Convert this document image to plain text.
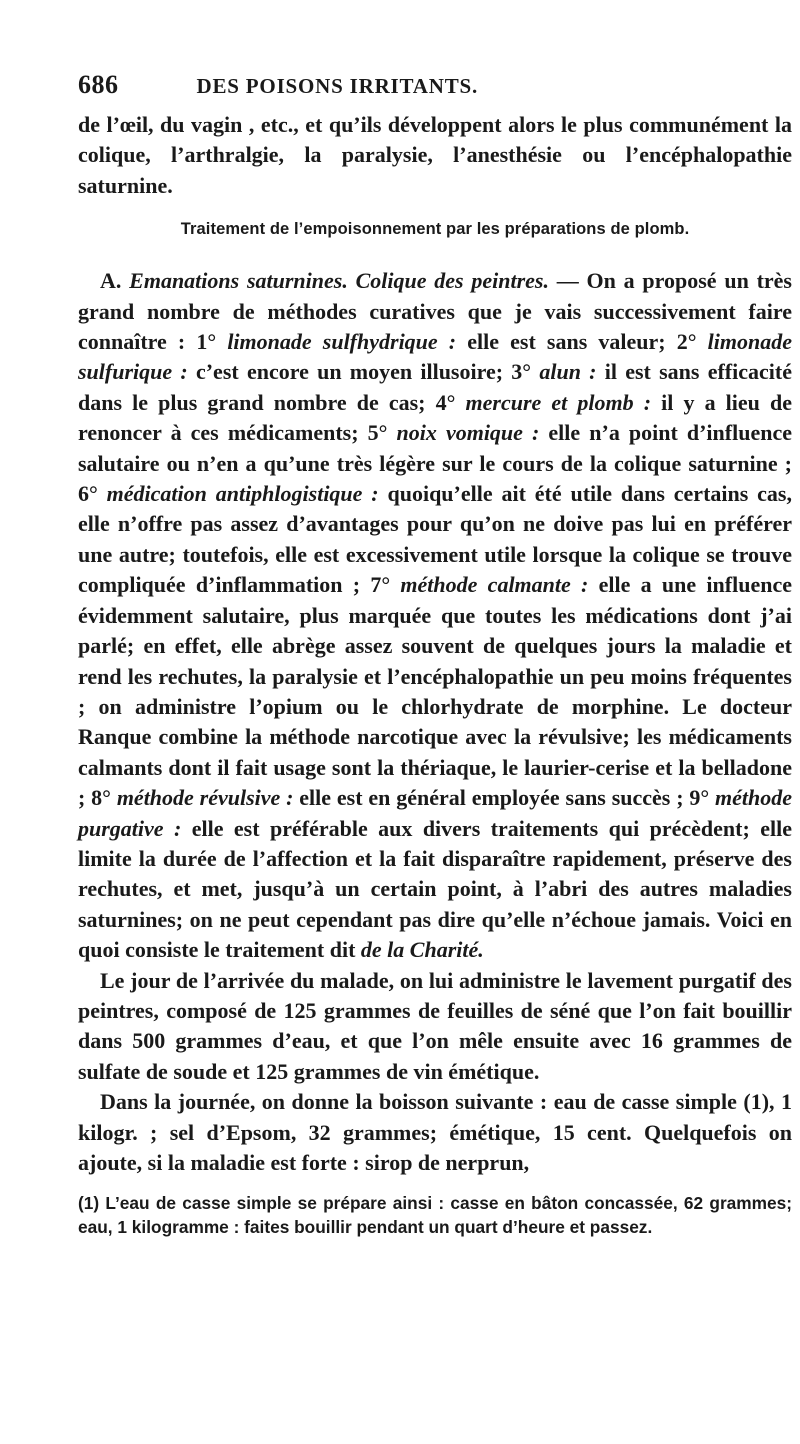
686	DES POISONS IRRITANTS.

de l’œil, du vagin , etc., et qu’ils développent alors le plus communément la colique, l’arthralgie, la paralysie, l’anesthésie ou l’encéphalopathie saturnine.

Traitement de l’empoisonnement par les préparations de plomb.

A. Emanations saturnines. Colique des peintres. — On a proposé un très grand nombre de méthodes curatives que je vais successivement faire connaître : 1° limonade sulfhydrique : elle est sans valeur; 2° limonade sulfurique : c’est encore un moyen illusoire; 3° alun : il est sans efficacité dans le plus grand nombre de cas; 4° mercure et plomb : il y a lieu de renoncer à ces médicaments; 5° noix vomique : elle n’a point d’influence salutaire ou n’en a qu’une très légère sur le cours de la colique saturnine ; 6° médication antiphlogistique : quoiqu’elle ait été utile dans certains cas, elle n’offre pas assez d’avantages pour qu’on ne doive pas lui en préférer une autre; toutefois, elle est excessivement utile lorsque la colique se trouve compliquée d’inflammation ; 7° méthode calmante : elle a une influence évidemment salutaire, plus marquée que toutes les médications dont j’ai parlé; en effet, elle abrège assez souvent de quelques jours la maladie et rend les rechutes, la paralysie et l’encéphalopathie un peu moins fréquentes ; on administre l’opium ou le chlorhydrate de morphine. Le docteur Ranque combine la méthode narcotique avec la révulsive; les médicaments calmants dont il fait usage sont la thériaque, le laurier-cerise et la belladone ; 8° méthode révulsive : elle est en général employée sans succès ; 9° méthode purgative : elle est préférable aux divers traitements qui précèdent; elle limite la durée de l’affection et la fait disparaître rapidement, préserve des rechutes, et met, jusqu’à un certain point, à l’abri des autres maladies saturnines; on ne peut cependant pas dire qu’elle n’échoue jamais. Voici en quoi consiste le traitement dit de la Charité.

Le jour de l’arrivée du malade, on lui administre le lavement purgatif des peintres, composé de 125 grammes de feuilles de séné que l’on fait bouillir dans 500 grammes d’eau, et que l’on mêle ensuite avec 16 grammes de sulfate de soude et 125 grammes de vin émétique.

Dans la journée, on donne la boisson suivante : eau de casse simple (1), 1 kilogr. ; sel d’Epsom, 32 grammes; émétique, 15 cent. Quelquefois on ajoute, si la maladie est forte : sirop de nerprun,

(1) L’eau de casse simple se prépare ainsi : casse en bâton concassée, 62 grammes; eau, 1 kilogramme : faites bouillir pendant un quart d’heure et passez.
